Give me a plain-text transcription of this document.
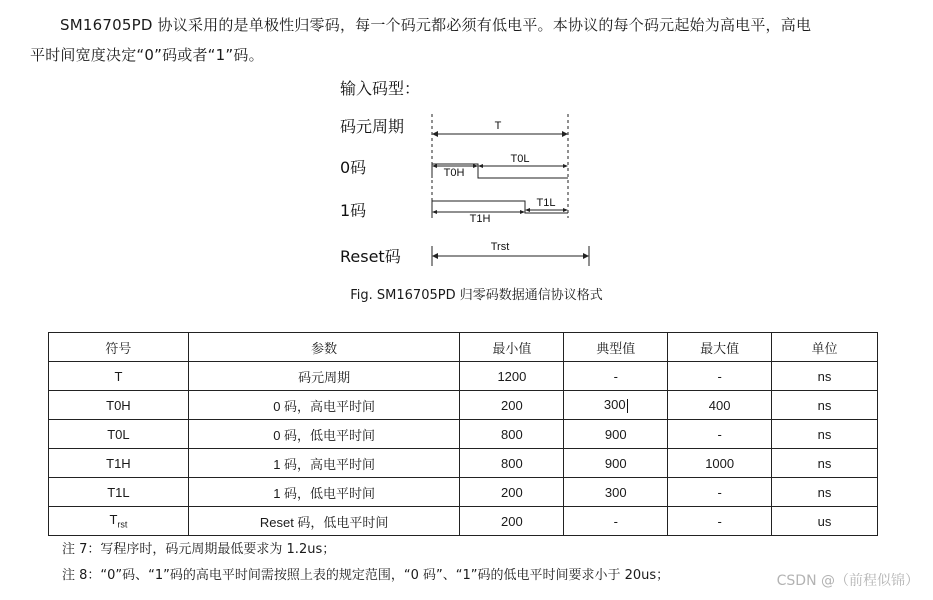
SM16705PD 协议采用的是单极性归零码，每一个码元都必须有低电平。本协议的每个码元起始为高电平，高电
平时间宽度决定“0”码或者“1”码。
输入码型：
码元周期	T
0码	T0H
T0L
1码	T1H
T1L
Reset码	Trst
Fig. SM16705PD 归零码数据通信协议格式
符号	参数	最小值	典型值	最大值	单位
T	码元周期	1200	-	-	ns
T0H	0 码，高电平时间	200	300	400	ns
T0L	0 码，低电平时间	800	900	-	ns
T1H	1 码，高电平时间	800	900	1000	ns
T1L	1 码，低电平时间	200	300	-	ns
$T_{rst}$	Reset 码，低电平时间	200	-	-	us
注 7：写程序时，码元周期最低要求为 1.2us；
注 8：“0”码、“1”码的高电平时间需按照上表的规定范围，“0 码”、“1”码的低电平时间要求小于 20us；	CSDN @（前程似锦）
